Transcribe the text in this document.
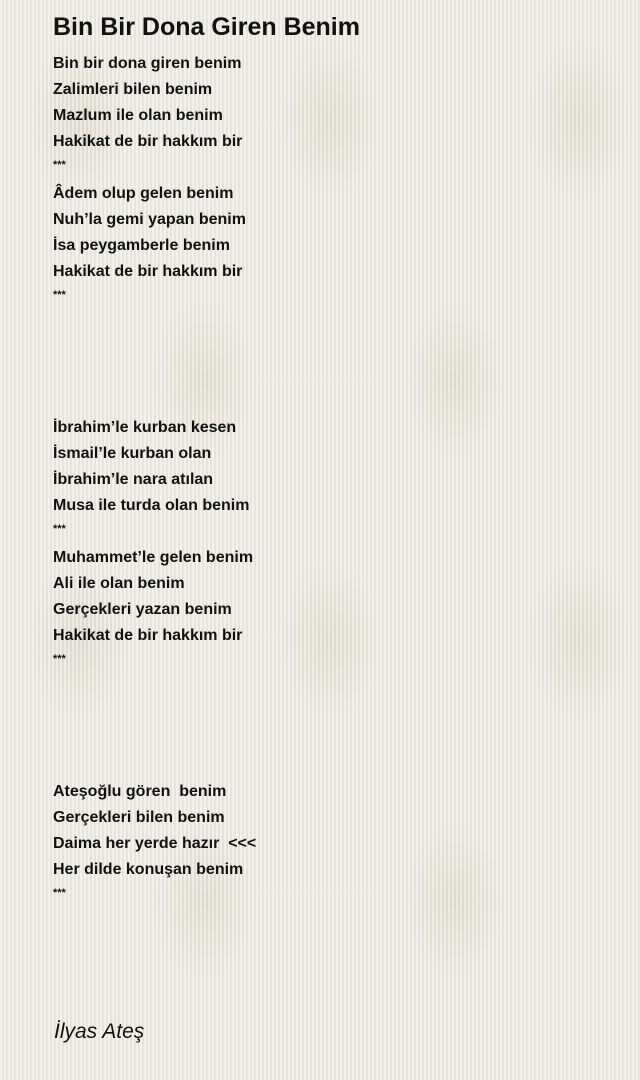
Bin Bir Dona Giren Benim
Bin bir dona giren benim
Zalimleri bilen benim
Mazlum ile olan benim
Hakikat de bir hakkım bir
***
Âdem olup gelen benim
Nuh’la gemi yapan benim
İsa peygamberle benim
Hakikat de bir hakkım bir
***
İbrahim’le kurban kesen
İsmail’le kurban olan
İbrahim’le nara atılan
Musa ile turda olan benim
***
Muhammet’le gelen benim
Ali ile olan benim
Gerçekleri yazan benim
Hakikat de bir hakkım bir
***
Ateşoğlu gören  benim
Gerçekleri bilen benim
Daima her yerde hazır  <<<
Her dilde konuşan benim
***
İlyas Ateş
